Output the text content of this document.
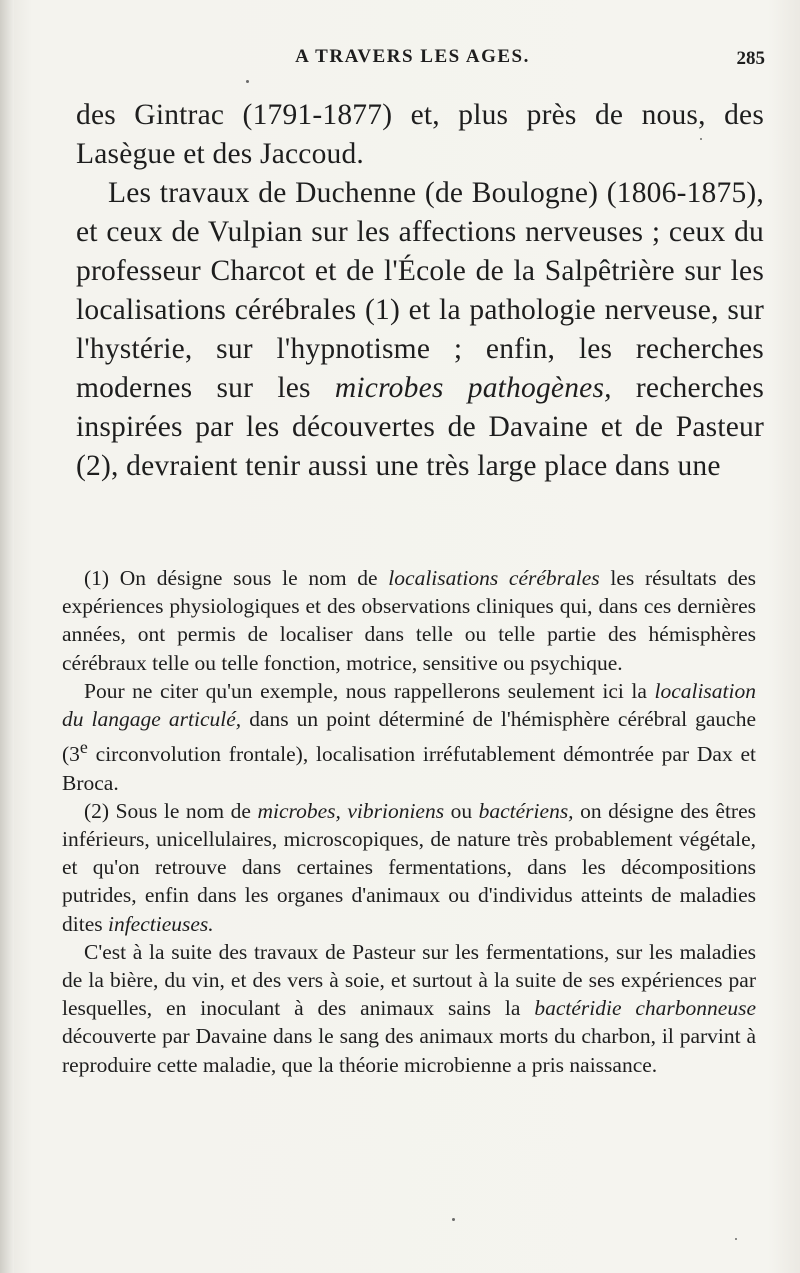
A TRAVERS LES AGES.	285

des Gintrac (1791-1877) et, plus près de nous, des Lasègue et des Jaccoud.

Les travaux de Duchenne (de Boulogne) (1806-1875), et ceux de Vulpian sur les affections nerveuses ; ceux du professeur Charcot et de l'École de la Salpêtrière sur les localisations cérébrales (1) et la pathologie nerveuse, sur l'hystérie, sur l'hypnotisme ; enfin, les recherches modernes sur les microbes pathogènes, recherches inspirées par les découvertes de Davaine et de Pasteur (2), devraient tenir aussi une très large place dans une

(1) On désigne sous le nom de localisations cérébrales les résultats des expériences physiologiques et des observations cliniques qui, dans ces dernières années, ont permis de localiser dans telle ou telle partie des hémisphères cérébraux telle ou telle fonction, motrice, sensitive ou psychique.

Pour ne citer qu'un exemple, nous rappellerons seulement ici la localisation du langage articulé, dans un point déterminé de l'hémisphère cérébral gauche (3e circonvolution frontale), localisation irréfutablement démontrée par Dax et Broca.

(2) Sous le nom de microbes, vibrioniens ou bactériens, on désigne des êtres inférieurs, unicellulaires, microscopiques, de nature très probablement végétale, et qu'on retrouve dans certaines fermentations, dans les décompositions putrides, enfin dans les organes d'animaux ou d'individus atteints de maladies dites infectieuses.

C'est à la suite des travaux de Pasteur sur les fermentations, sur les maladies de la bière, du vin, et des vers à soie, et surtout à la suite de ses expériences par lesquelles, en inoculant à des animaux sains la bactéridie charbonneuse découverte par Davaine dans le sang des animaux morts du charbon, il parvint à reproduire cette maladie, que la théorie microbienne a pris naissance.
